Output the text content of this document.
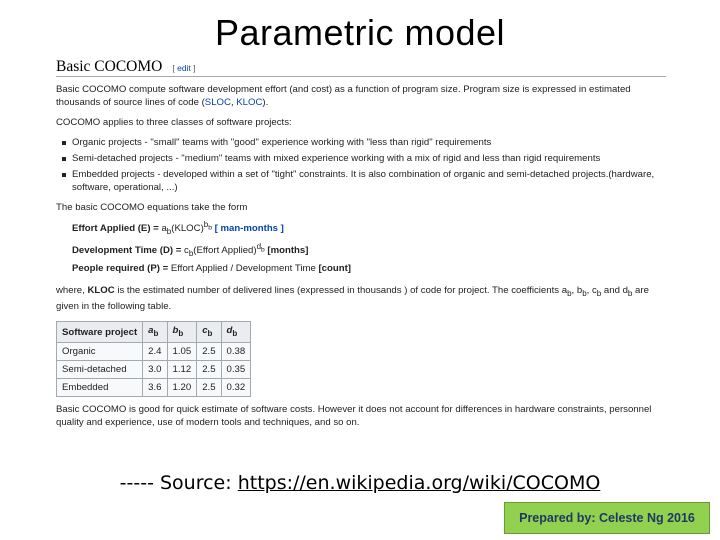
Parametric model
Basic COCOMO [ edit ]

Basic COCOMO compute software development effort (and cost) as a function of program size. Program size is expressed in estimated thousands of source lines of code (SLOC, KLOC).

COCOMO applies to three classes of software projects:

Organic projects - "small" teams with "good" experience working with "less than rigid" requirements
Semi-detached projects - "medium" teams with mixed experience working with a mix of rigid and less than rigid requirements
Embedded projects - developed within a set of "tight" constraints. It is also combination of organic and semi-detached projects.(hardware, software, operational, ...)

The basic COCOMO equations take the form

Effort Applied $(E) = a_b(KLOC)^{b_b}$ [ man-months ]
Development Time $(D) = c_b(Effort$ Applied)$^{d_b}$ [months]
People required (P) = Effort Applied / Development Time [count]

where, KLOC is the estimated number of delivered lines (expressed in thousands ) of code for project. The coefficients $a_b$, $b_b$, $c_b$ and $d_b$ are given in the following table.

Software project	$a_b$	$b_b$	$c_b$	$d_b$
Organic	2.4	1.05	2.5	0.38
Semi-detached	3.0	1.12	2.5	0.35
Embedded	3.6	1.20	2.5	0.32

Basic COCOMO is good for quick estimate of software costs. However it does not account for differences in hardware constraints, personnel quality and experience, use of modern tools and techniques, and so on.

----- Source: https://en.wikipedia.org/wiki/COCOMO
Prepared by: Celeste Ng 2016
